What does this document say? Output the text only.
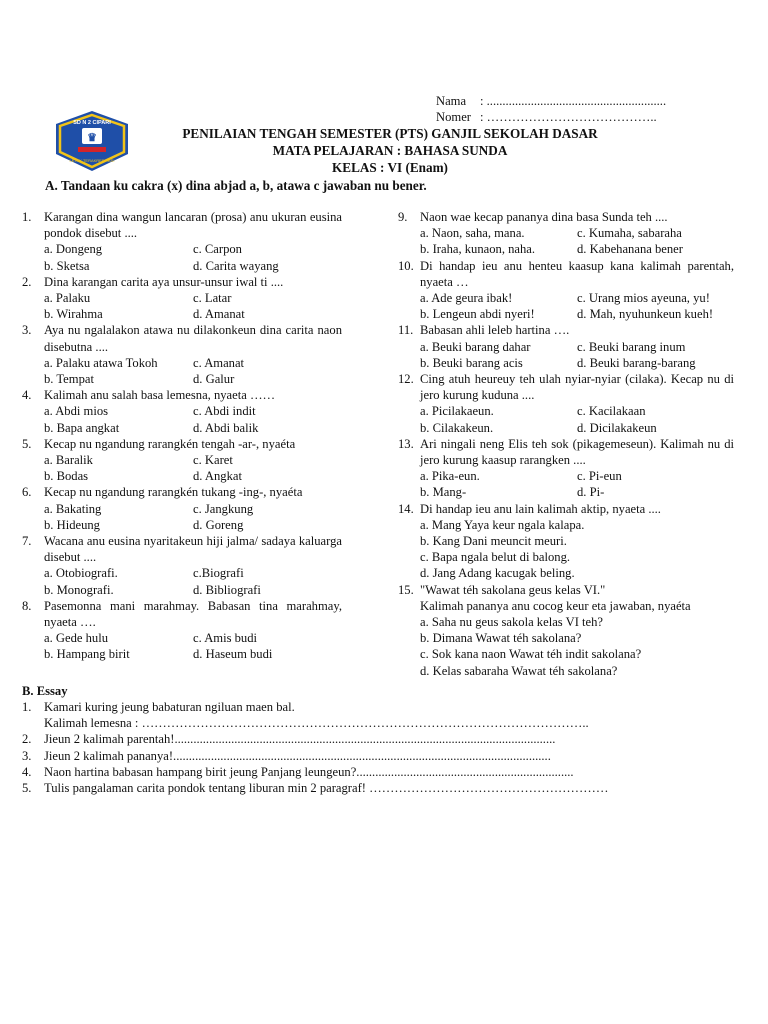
Nama : .........................................................
Nomer : …………………………………..
SD N 2 CIPARI
♛
LETAK TERAKREDITASI
PENILAIAN TENGAH SEMESTER (PTS) GANJIL SEKOLAH DASAR
MATA PELAJARAN : BAHASA SUNDA
KELAS : VI (Enam)
A. Tandaan ku cakra (x) dina abjad a, b, atawa c jawaban nu bener.
1. Karangan dina wangun lancaran (prosa) anu ukuran eusina pondok disebut ....
a. Dongeng	c. Carpon
b. Sketsa	d. Carita wayang
2. Dina karangan carita aya unsur-unsur iwal ti ....
a. Palaku	c. Latar
b. Wirahma	d. Amanat
3. Aya nu ngalalakon atawa nu dilakonkeun dina carita naon disebutna ....
a. Palaku atawa Tokoh	c. Amanat
b. Tempat	d. Galur
4. Kalimah anu salah basa lemesna, nyaeta ……
a. Abdi mios	c. Abdi indit
b. Bapa angkat	d. Abdi balik
5. Kecap nu ngandung rarangkén tengah -ar-, nyaéta
a. Baralik	c. Karet
b. Bodas	d. Angkat
6. Kecap nu ngandung rarangkén tukang -ing-, nyaéta
a. Bakating	c. Jangkung
b. Hideung	d. Goreng
7. Wacana anu eusina nyaritakeun hiji jalma/ sadaya kaluarga disebut ....
a. Otobiografi.	c.Biografi
b. Monografi.	d. Bibliografi
8. Pasemonna mani marahmay. Babasan tina marahmay, nyaeta ….
a. Gede hulu	c. Amis budi
b. Hampang birit	d. Haseum budi
9. Naon wae kecap pananya dina basa Sunda teh ....
a. Naon, saha, mana.	c. Kumaha, sabaraha
b. Iraha, kunaon, naha.	d. Kabehanana bener
10. Di handap ieu anu henteu kaasup kana kalimah parentah, nyaeta …
a. Ade geura ibak!	c. Urang mios ayeuna, yu!
b. Lengeun abdi nyeri!	d. Mah, nyuhunkeun kueh!
11. Babasan ahli leleb hartina ….
a. Beuki barang dahar	c. Beuki barang inum
b. Beuki barang acis	d. Beuki barang-barang
12. Cing atuh heureuy teh ulah nyiar-nyiar (cilaka). Kecap nu di jero kurung kuduna ....
a. Picilakaeun.	c. Kacilakaan
b. Cilakakeun.	d. Dicilakakeun
13. Ari ningali neng Elis teh sok (pikagemeseun). Kalimah nu di jero kurung kaasup rarangken ....
a. Pika-eun.	c. Pi-eun
b. Mang-	d. Pi-
14. Di handap ieu anu lain kalimah aktip, nyaeta ....
a. Mang Yaya keur ngala kalapa.
b. Kang Dani meuncit meuri.
c. Bapa ngala belut di balong.
d. Jang Adang kacugak beling.
15. "Wawat téh sakolana geus kelas VI."
Kalimah pananya anu cocog keur eta jawaban, nyaéta
a. Saha nu geus sakola kelas VI teh?
b. Dimana Wawat téh sakolana?
c. Sok kana naon Wawat téh indit sakolana?
d. Kelas sabaraha Wawat téh sakolana?
B. Essay
1. Kamari kuring jeung babaturan ngiluan maen bal.
Kalimah lemesna : ……………………………………………………………………………………………..
2. Jieun 2 kalimah parentah!.........................................................................................................................
3. Jieun 2 kalimah pananya!........................................................................................................................
4. Naon hartina babasan hampang birit jeung Panjang leungeun?.....................................................................
5. Tulis pangalaman carita pondok tentang liburan min 2 paragraf! …………………………………………………
